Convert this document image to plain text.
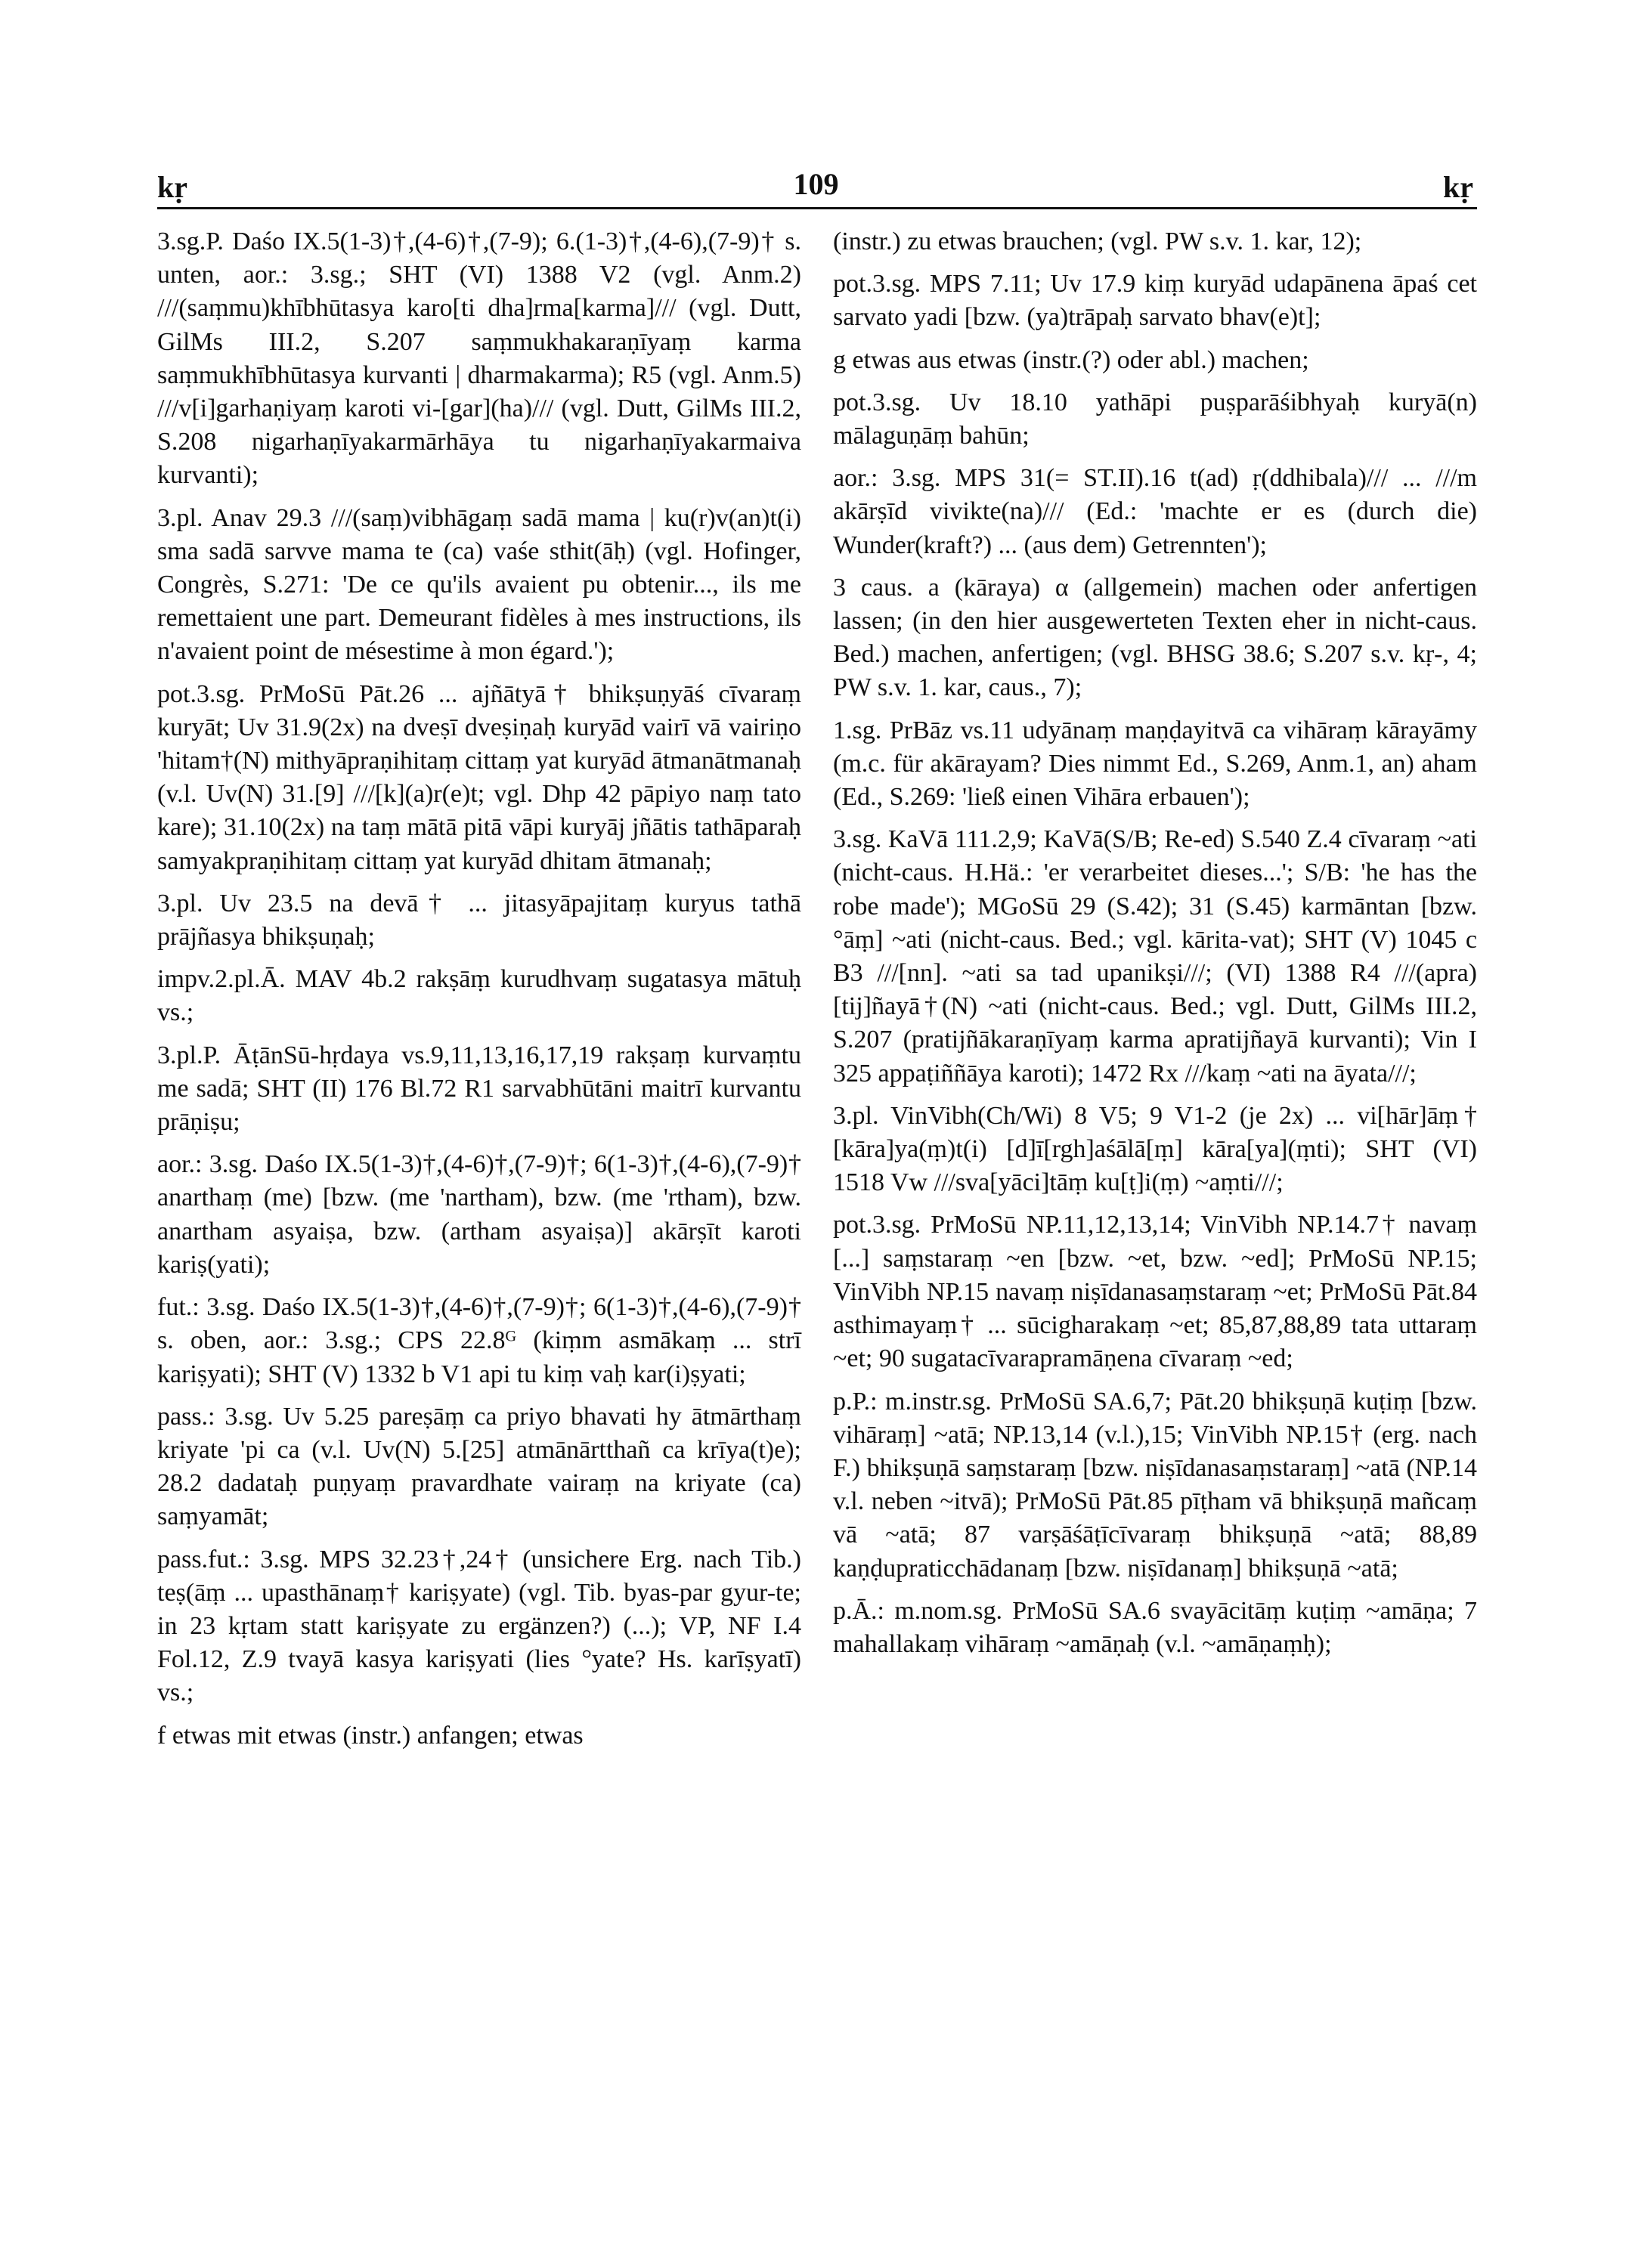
kṛ	109	kṛ

3.sg.P. Daśo IX.5(1-3)†,(4-6)†,(7-9); 6.(1-3)†,(4-6),(7-9)† s. unten, aor.: 3.sg.; SHT (VI) 1388 V2 (vgl. Anm.2) ///(saṃmu)khībhūtasya karo[ti dha]rma[karma]/// (vgl. Dutt, GilMs III.2, S.207 saṃmukhakaraṇīyaṃ karma saṃmukhībhūtasya kurvanti | dharmakarma); R5 (vgl. Anm.5) ///v[i]garhaṇiyaṃ karoti vi-[gar](ha)/// (vgl. Dutt, GilMs III.2, S.208 nigarhaṇīyakarmārhāya tu nigarhaṇīyakarmaiva kurvanti);

3.pl. Anav 29.3 ///(saṃ)vibhāgaṃ sadā mama | ku(r)v(an)t(i) sma sadā sarvve mama te (ca) vaśe sthit(āḥ) (vgl. Hofinger, Congrès, S.271: 'De ce qu'ils avaient pu obtenir..., ils me remettaient une part. Demeurant fidèles à mes instructions, ils n'avaient point de mésestime à mon égard.');

pot.3.sg. PrMoSū Pāt.26 ... ajñātyā† bhikṣuṇyāś cīvaraṃ kuryāt; Uv 31.9(2x) na dveṣī dveṣiṇaḥ kuryād vairī vā vairiṇo 'hitam†(N) mithyāpraṇihitaṃ cittaṃ yat kuryād ātmanātmanaḥ (v.l. Uv(N) 31.[9] ///[k](a)r(e)t; vgl. Dhp 42 pāpiyo naṃ tato kare); 31.10(2x) na taṃ mātā pitā vāpi kuryāj jñātis tathāparaḥ samyakpraṇihitaṃ cittaṃ yat kuryād dhitam ātmanaḥ;

3.pl. Uv 23.5 na devā† ... jitasyāpajitaṃ kuryus tathā prājñasya bhikṣuṇaḥ;

impv.2.pl.Ā. MAV 4b.2 rakṣāṃ kurudhvaṃ sugatasya mātuḥ vs.;

3.pl.P. ĀṭānSū-hṛdaya vs.9,11,13,16,17,19 rakṣaṃ kurvaṃtu me sadā; SHT (II) 176 Bl.72 R1 sarvabhūtāni maitrī kurvantu prāṇiṣu;

aor.: 3.sg. Daśo IX.5(1-3)†,(4-6)†,(7-9)†; 6(1-3)†,(4-6),(7-9)† anarthaṃ (me) [bzw. (me 'nartham), bzw. (me 'rtham), bzw. anartham asyaiṣa, bzw. (artham asyaiṣa)] akārṣīt karoti kariṣ(yati);

fut.: 3.sg. Daśo IX.5(1-3)†,(4-6)†,(7-9)†; 6(1-3)†,(4-6),(7-9)† s. oben, aor.: 3.sg.; CPS 22.8ᴳ (kiṃm asmākaṃ ... strī kariṣyati); SHT (V) 1332 b V1 api tu kiṃ vaḥ kar(i)ṣyati;

pass.: 3.sg. Uv 5.25 pareṣāṃ ca priyo bhavati hy ātmārthaṃ kriyate 'pi ca (v.l. Uv(N) 5.[25] atmānārtthañ ca krīya(t)e); 28.2 dadataḥ puṇyaṃ pravardhate vairaṃ na kriyate (ca) saṃyamāt;

pass.fut.: 3.sg. MPS 32.23†,24† (unsichere Erg. nach Tib.) teṣ(āṃ ... upasthānaṃ† kariṣyate) (vgl. Tib. byas-par gyur-te; in 23 kṛtam statt kariṣyate zu ergänzen?) (...); VP, NF I.4 Fol.12, Z.9 tvayā kasya kariṣyati (lies °yate? Hs. karīṣyatī) vs.;

f etwas mit etwas (instr.) anfangen; etwas

(instr.) zu etwas brauchen; (vgl. PW s.v. 1. kar, 12);

pot.3.sg. MPS 7.11; Uv 17.9 kiṃ kuryād udapānena āpaś cet sarvato yadi [bzw. (ya)trāpaḥ sarvato bhav(e)t];

g etwas aus etwas (instr.(?) oder abl.) machen;

pot.3.sg. Uv 18.10 yathāpi puṣparāśibhyaḥ kuryā(n) mālaguṇāṃ bahūn;

aor.: 3.sg. MPS 31(= ST.II).16 t(ad) ṛ(ddhibala)/// ... ///m akārṣīd vivikte(na)/// (Ed.: 'machte er es (durch die) Wunder(kraft?) ... (aus dem) Getrennten');

3 caus. a (kāraya) α (allgemein) machen oder anfertigen lassen; (in den hier ausgewerteten Texten eher in nicht-caus. Bed.) machen, anfertigen; (vgl. BHSG 38.6; S.207 s.v. kṛ-, 4; PW s.v. 1. kar, caus., 7);

1.sg. PrBāz vs.11 udyānaṃ maṇḍayitvā ca vihāraṃ kārayāmy (m.c. für akārayam? Dies nimmt Ed., S.269, Anm.1, an) aham (Ed., S.269: 'ließ einen Vihāra erbauen');

3.sg. KaVā 111.2,9; KaVā(S/B; Re-ed) S.540 Z.4 cīvaraṃ ~ati (nicht-caus. H.Hä.: 'er verarbeitet dieses...'; S/B: 'he has the robe made'); MGoSū 29 (S.42); 31 (S.45) karmāntan [bzw. °āṃ] ~ati (nicht-caus. Bed.; vgl. kārita-vat); SHT (V) 1045 c B3 ///[nn]. ~ati sa tad upanikṣi///; (VI) 1388 R4 ///(apra)[tij]ñayā†(N) ~ati (nicht-caus. Bed.; vgl. Dutt, GilMs III.2, S.207 (pratijñākaraṇīyaṃ karma apratijñayā kurvanti); Vin I 325 appaṭiññāya karoti); 1472 Rx ///kaṃ ~ati na āyata///;

3.pl. VinVibh(Ch/Wi) 8 V5; 9 V1-2 (je 2x) ... vi[hār]āṃ† [kāra]ya(ṃ)t(i) [d]ī[rgh]aśālā[ṃ] kāra[ya](ṃti); SHT (VI) 1518 Vw ///sva[yāci]tāṃ ku[ṭ]i(ṃ) ~aṃti///;

pot.3.sg. PrMoSū NP.11,12,13,14; VinVibh NP.14.7† navaṃ [...] saṃstaraṃ ~en [bzw. ~et, bzw. ~ed]; PrMoSū NP.15; VinVibh NP.15 navaṃ niṣīdanasaṃstaraṃ ~et; PrMoSū Pāt.84 asthimayaṃ† ... sūcigharakaṃ ~et; 85,87,88,89 tata uttaraṃ ~et; 90 sugatacīvarapramāṇena cīvaraṃ ~ed;

p.P.: m.instr.sg. PrMoSū SA.6,7; Pāt.20 bhikṣuṇā kuṭiṃ [bzw. vihāraṃ] ~atā; NP.13,14 (v.l.),15; VinVibh NP.15† (erg. nach F.) bhikṣuṇā saṃstaraṃ [bzw. niṣīdanasaṃstaraṃ] ~atā (NP.14 v.l. neben ~itvā); PrMoSū Pāt.85 pīṭham vā bhikṣuṇā mañcaṃ vā ~atā; 87 varṣāśāṭīcīvaraṃ bhikṣuṇā ~atā; 88,89 kaṇḍupraticchādanaṃ [bzw. niṣīdanaṃ] bhikṣuṇā ~atā;

p.Ā.: m.nom.sg. PrMoSū SA.6 svayācitāṃ kuṭiṃ ~amāṇa; 7 mahallakaṃ vihāraṃ ~amāṇaḥ (v.l. ~amāṇaṃḥ);
